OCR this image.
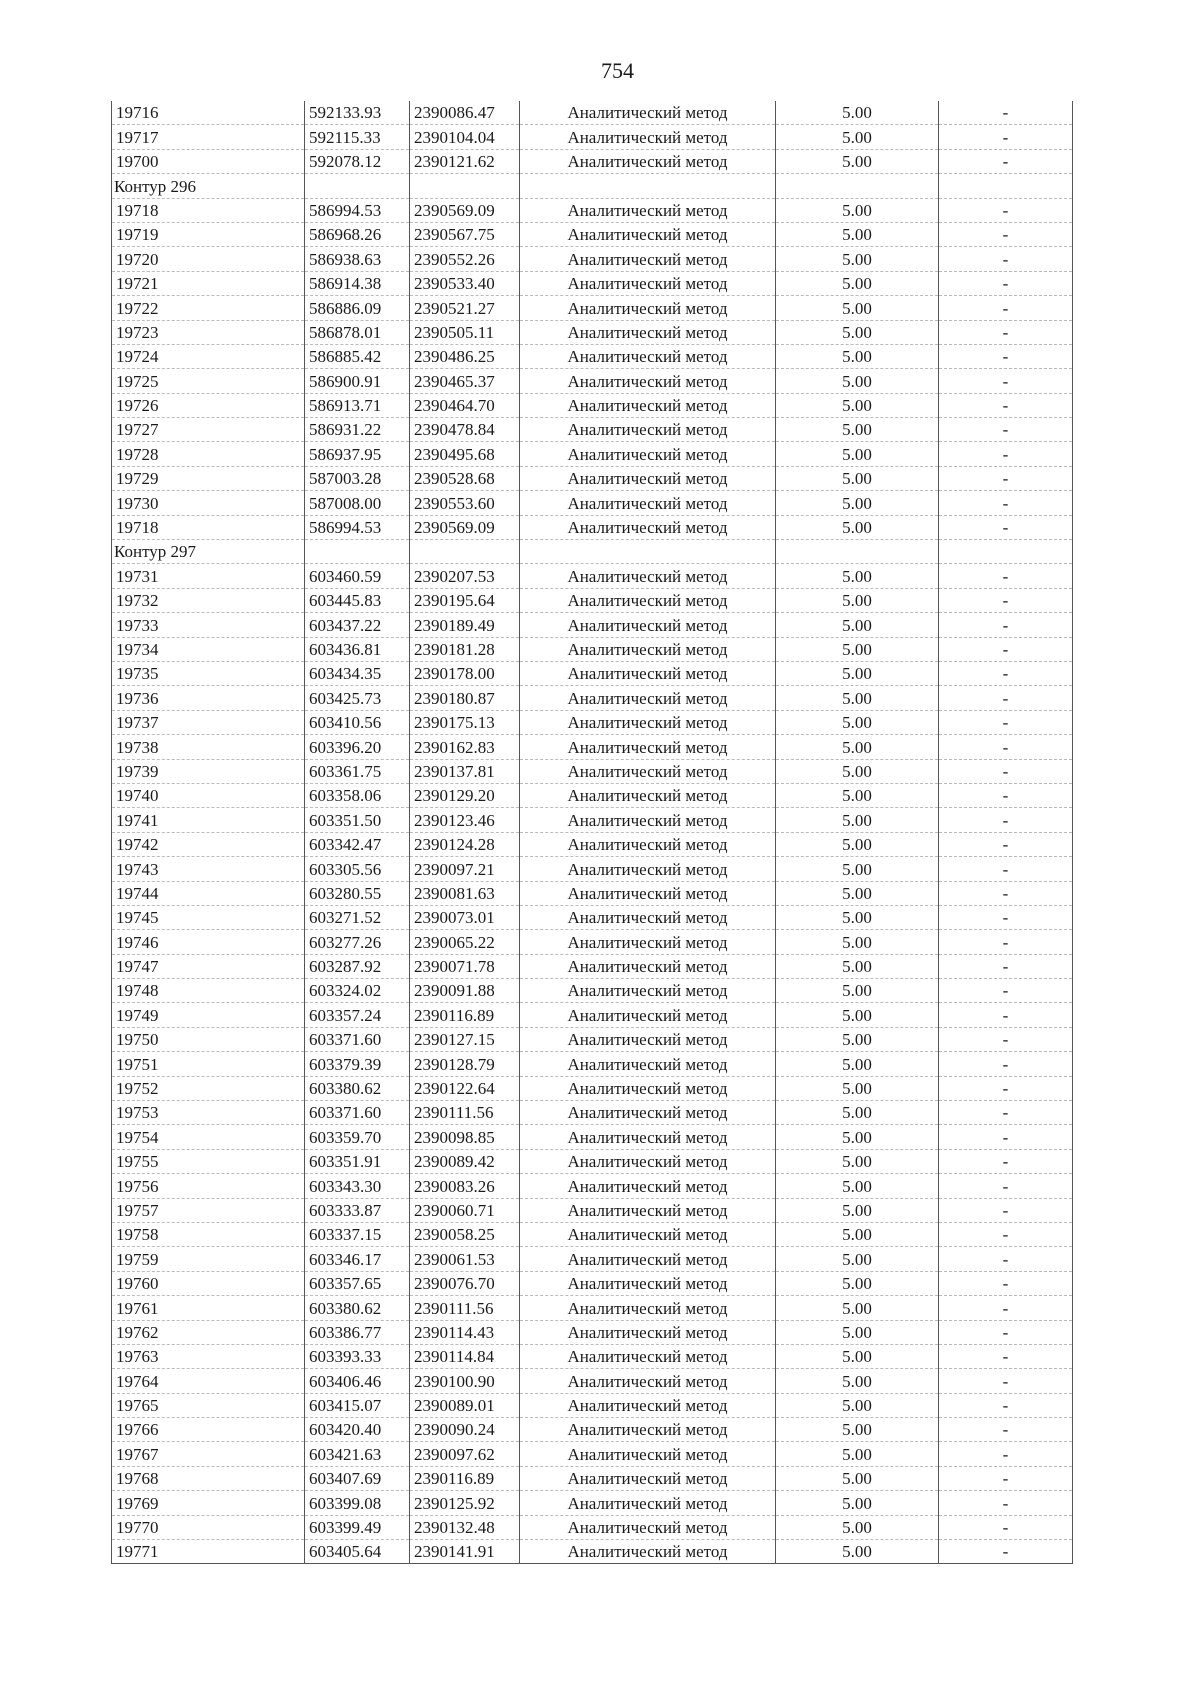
754
19716	592133.93	2390086.47	Аналитический метод	5.00	-
19717	592115.33	2390104.04	Аналитический метод	5.00	-
19700	592078.12	2390121.62	Аналитический метод	5.00	-
Контур 296					
19718	586994.53	2390569.09	Аналитический метод	5.00	-
19719	586968.26	2390567.75	Аналитический метод	5.00	-
19720	586938.63	2390552.26	Аналитический метод	5.00	-
19721	586914.38	2390533.40	Аналитический метод	5.00	-
19722	586886.09	2390521.27	Аналитический метод	5.00	-
19723	586878.01	2390505.11	Аналитический метод	5.00	-
19724	586885.42	2390486.25	Аналитический метод	5.00	-
19725	586900.91	2390465.37	Аналитический метод	5.00	-
19726	586913.71	2390464.70	Аналитический метод	5.00	-
19727	586931.22	2390478.84	Аналитический метод	5.00	-
19728	586937.95	2390495.68	Аналитический метод	5.00	-
19729	587003.28	2390528.68	Аналитический метод	5.00	-
19730	587008.00	2390553.60	Аналитический метод	5.00	-
19718	586994.53	2390569.09	Аналитический метод	5.00	-
Контур 297					
19731	603460.59	2390207.53	Аналитический метод	5.00	-
19732	603445.83	2390195.64	Аналитический метод	5.00	-
19733	603437.22	2390189.49	Аналитический метод	5.00	-
19734	603436.81	2390181.28	Аналитический метод	5.00	-
19735	603434.35	2390178.00	Аналитический метод	5.00	-
19736	603425.73	2390180.87	Аналитический метод	5.00	-
19737	603410.56	2390175.13	Аналитический метод	5.00	-
19738	603396.20	2390162.83	Аналитический метод	5.00	-
19739	603361.75	2390137.81	Аналитический метод	5.00	-
19740	603358.06	2390129.20	Аналитический метод	5.00	-
19741	603351.50	2390123.46	Аналитический метод	5.00	-
19742	603342.47	2390124.28	Аналитический метод	5.00	-
19743	603305.56	2390097.21	Аналитический метод	5.00	-
19744	603280.55	2390081.63	Аналитический метод	5.00	-
19745	603271.52	2390073.01	Аналитический метод	5.00	-
19746	603277.26	2390065.22	Аналитический метод	5.00	-
19747	603287.92	2390071.78	Аналитический метод	5.00	-
19748	603324.02	2390091.88	Аналитический метод	5.00	-
19749	603357.24	2390116.89	Аналитический метод	5.00	-
19750	603371.60	2390127.15	Аналитический метод	5.00	-
19751	603379.39	2390128.79	Аналитический метод	5.00	-
19752	603380.62	2390122.64	Аналитический метод	5.00	-
19753	603371.60	2390111.56	Аналитический метод	5.00	-
19754	603359.70	2390098.85	Аналитический метод	5.00	-
19755	603351.91	2390089.42	Аналитический метод	5.00	-
19756	603343.30	2390083.26	Аналитический метод	5.00	-
19757	603333.87	2390060.71	Аналитический метод	5.00	-
19758	603337.15	2390058.25	Аналитический метод	5.00	-
19759	603346.17	2390061.53	Аналитический метод	5.00	-
19760	603357.65	2390076.70	Аналитический метод	5.00	-
19761	603380.62	2390111.56	Аналитический метод	5.00	-
19762	603386.77	2390114.43	Аналитический метод	5.00	-
19763	603393.33	2390114.84	Аналитический метод	5.00	-
19764	603406.46	2390100.90	Аналитический метод	5.00	-
19765	603415.07	2390089.01	Аналитический метод	5.00	-
19766	603420.40	2390090.24	Аналитический метод	5.00	-
19767	603421.63	2390097.62	Аналитический метод	5.00	-
19768	603407.69	2390116.89	Аналитический метод	5.00	-
19769	603399.08	2390125.92	Аналитический метод	5.00	-
19770	603399.49	2390132.48	Аналитический метод	5.00	-
19771	603405.64	2390141.91	Аналитический метод	5.00	-
